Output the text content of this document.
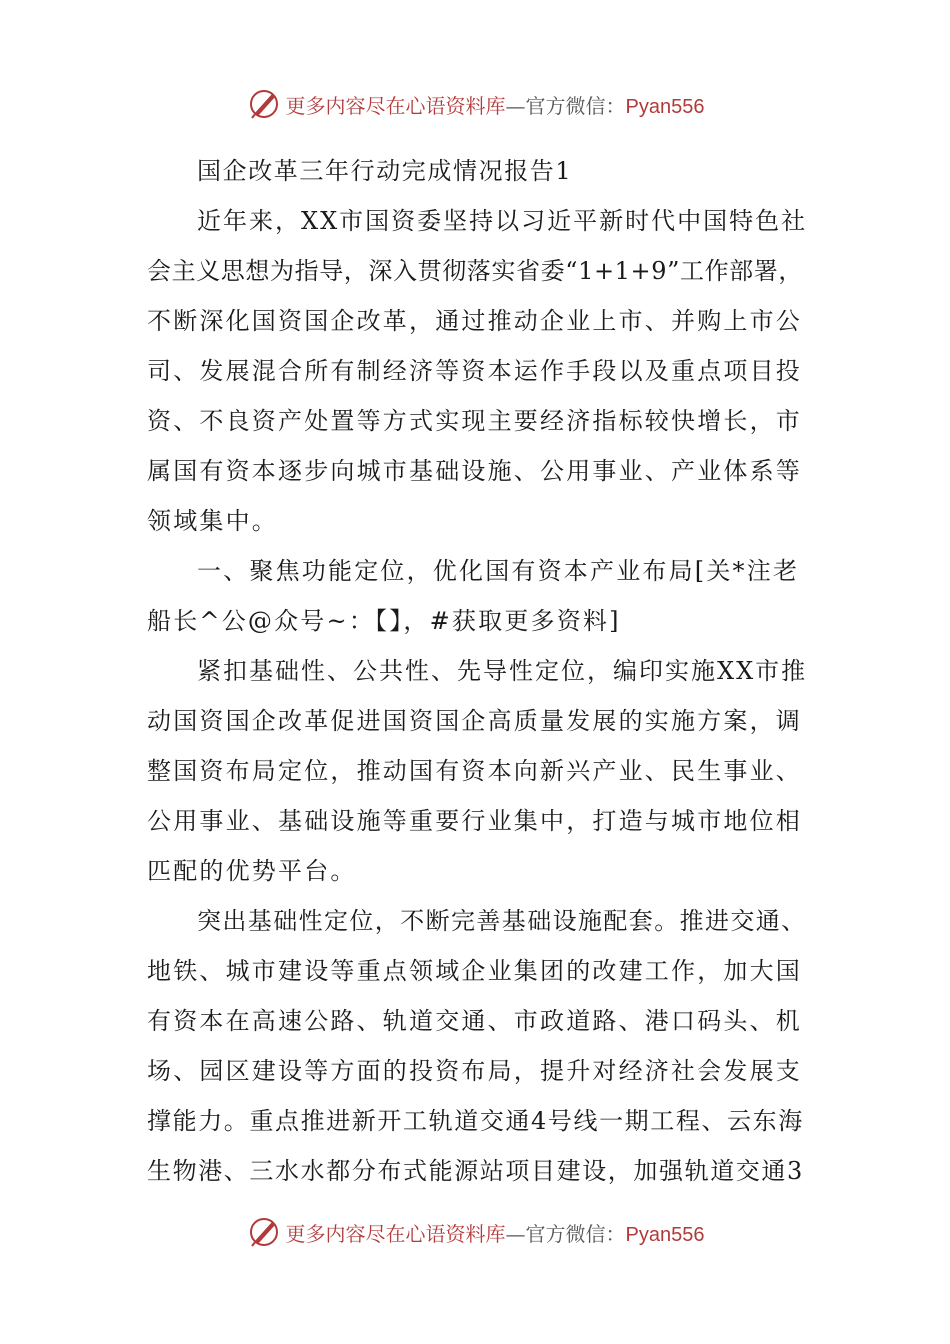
更多内容尽在心语资料库—官方微信：Pyan556
国企改革三年行动完成情况报告1
近年来，XX市国资委坚持以习近平新时代中国特色社
会主义思想为指导，深入贯彻落实省委“1+1+9”工作部署，
不断深化国资国企改革，通过推动企业上市、并购上市公
司、发展混合所有制经济等资本运作手段以及重点项目投
资、不良资产处置等方式实现主要经济指标较快增长，市
属国有资本逐步向城市基础设施、公用事业、产业体系等
领域集中。
一、聚焦功能定位，优化国有资本产业布局[关*注老
船长^公@众号~：【】，#获取更多资料]
紧扣基础性、公共性、先导性定位，编印实施XX市推
动国资国企改革促进国资国企高质量发展的实施方案，调
整国资布局定位，推动国有资本向新兴产业、民生事业、
公用事业、基础设施等重要行业集中，打造与城市地位相
匹配的优势平台。
突出基础性定位，不断完善基础设施配套。推进交通、
地铁、城市建设等重点领域企业集团的改建工作，加大国
有资本在高速公路、轨道交通、市政道路、港口码头、机
场、园区建设等方面的投资布局，提升对经济社会发展支
撑能力。重点推进新开工轨道交通4号线一期工程、云东海
生物港、三水水都分布式能源站项目建设，加强轨道交通3
更多内容尽在心语资料库—官方微信：Pyan556
